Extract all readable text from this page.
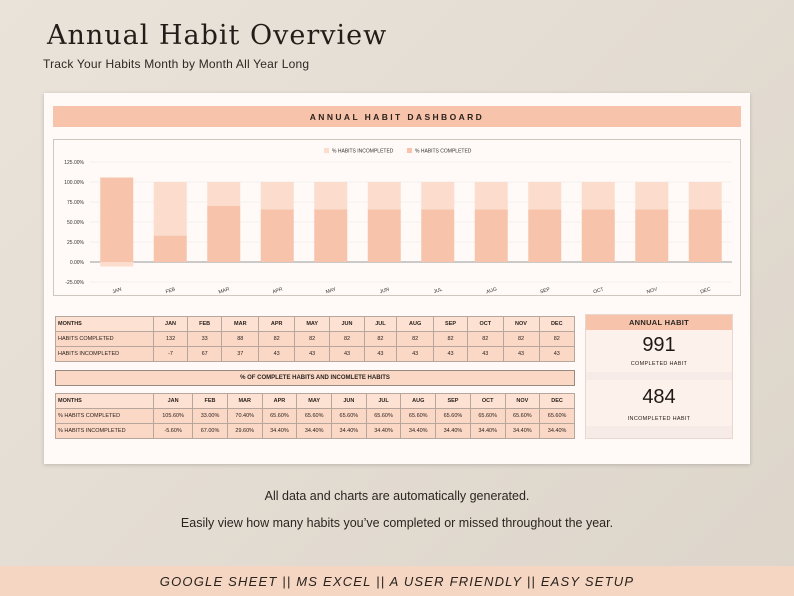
Annual Habit Overview
Track Your Habits Month by Month All Year Long
ANNUAL HABIT DASHBOARD
125.00%
100.00%
75.00%
50.00%
25.00%
0.00%
-25.00%
% HABITS INCOMPLETED	% HABITS COMPLETED
JAN	FEB	MAR	APR	MAY	JUN	JUL	AUG	SEP	OCT	NOV	DEC
MONTHS	JAN	FEB	MAR	APR	MAY	JUN	JUL	AUG	SEP	OCT	NOV	DEC
HABITS COMPLETED	132	33	88	82	82	82	82	82	82	82	82	82
HABITS INCOMPLETED	-7	67	37	43	43	43	43	43	43	43	43	43
% OF COMPLETE HABITS AND INCOMLETE HABITS
MONTHS	JAN	FEB	MAR	APR	MAY	JUN	JUL	AUG	SEP	OCT	NOV	DEC
% HABITS COMPLETED	105.60%	33.00%	70.40%	65.60%	65.60%	65.60%	65.60%	65.60%	65.60%	65.60%	65.60%	65.60%
% HABITS INCOMPLETED	-5.60%	67.00%	29.60%	34.40%	34.40%	34.40%	34.40%	34.40%	34.40%	34.40%	34.40%	34.40%
ANNUAL HABIT
991
COMPLETED HABIT
484
INCOMPLETED HABIT
All data and charts are automatically generated.
Easily view how many habits you’ve completed or missed throughout the year.
GOOGLE SHEET || MS EXCEL || A USER FRIENDLY || EASY SETUP
